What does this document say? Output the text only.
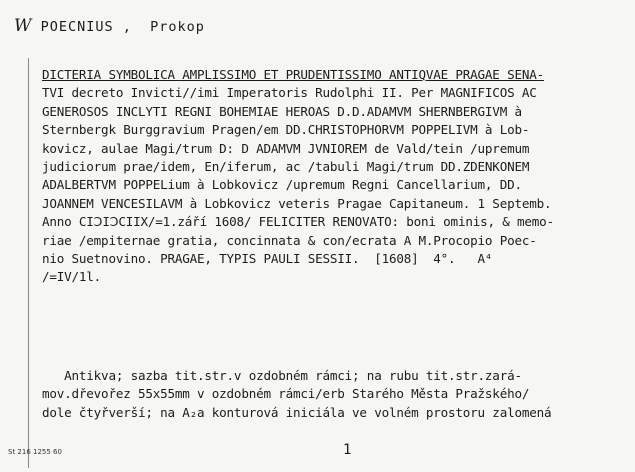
W POECNIUS ,  Prokop
DICTERIA SYMBOLICA AMPLISSIMO ET PRUDENTISSIMO ANTIQVAE PRAGAE SENA-
TVI decreto Invicti//imi Imperatoris Rudolphi II. Per MAGNIFICOS AC
GENEROSOS INCLYTI REGNI BOHEMIAE HEROAS D.D.ADAMVM SHERNBERGIVM à
Sternbergk Burggravium Pragen/em DD.CHRISTOPHORVM POPPELIVM à Lob-
kovicz, aulae Magi/trum D: D ADAMVM JVNIOREM de Vald/tein /upremum
judiciorum prae/idem, En/iferum, ac /tabuli Magi/trum DD.ZDENKONEM
ADALBERTVM POPPELium à Lobkovicz /upremum Regni Cancellarium, DD.
JOANNEM VENCESILAVM à Lobkovicz veteris Pragae Capitaneum. 1 Septemb.
Anno CIↃIↃCIIX/=1.září 1608/ FELICITER RENOVATO: boni ominis, & memo-
riae /empiternae gratia, concinnata & con/ecrata A M.Procopio Poec-
nio Suetnovino. PRAGAE, TYPIS PAULI SESSII.  [1608]  4°.   A⁴
/=IV/1l.
Antikva; sazba tit.str.v ozdobném rámci; na rubu tit.str.zará-
mov.dřevořez 55x55mm v ozdobném rámci/erb Starého Města Pražského/
dole čtyřverší; na A₂a konturová iniciála ve volném prostoru zalomená
St 216 1255 60	1
